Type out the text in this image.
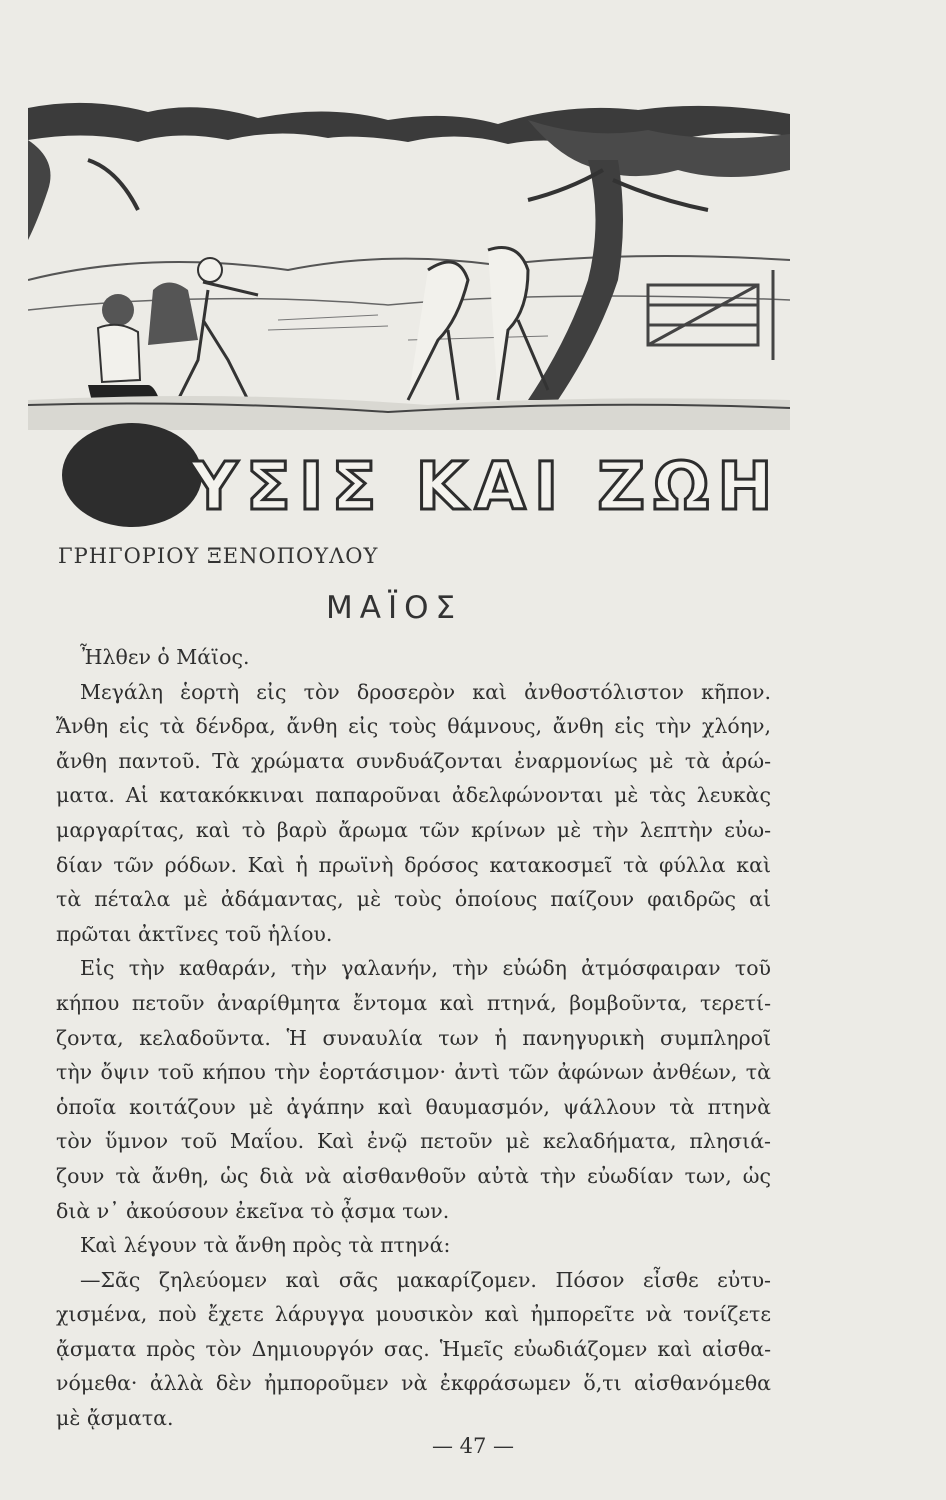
ΥΣΙΣ ΚΑΙ ΖΩΗ
ΓΡΗΓΟΡΙΟΥ ΞΕΝΟΠΟΥΛΟΥ
ΜΑΪΟΣ
Ἦλθεν ὁ Μάϊος.
Μεγάλη ἑορτὴ εἰς τὸν δροσερὸν καὶ ἀνθοστόλιστον κῆπον.
Ἄνθη εἰς τὰ δένδρα, ἄνθη εἰς τοὺς θάμνους, ἄνθη εἰς τὴν χλόην,
ἄνθη παντοῦ. Τὰ χρώματα συνδυάζονται ἐναρμονίως μὲ τὰ ἀρώ-
ματα. Αἱ κατακόκκιναι παπαροῦναι ἀδελφώνονται μὲ τὰς λευκὰς
μαργαρίτας, καὶ τὸ βαρὺ ἄρωμα τῶν κρίνων μὲ τὴν λεπτὴν εὐω-
δίαν τῶν ρόδων. Καὶ ἡ πρωϊνὴ δρόσος κατακοσμεῖ τὰ φύλλα καὶ
τὰ πέταλα μὲ ἀδάμαντας, μὲ τοὺς ὁποίους παίζουν φαιδρῶς αἱ
πρῶται ἀκτῖνες τοῦ ἡλίου.
Εἰς τὴν καθαράν, τὴν γαλανήν, τὴν εὐώδη ἀτμόσφαιραν τοῦ
κήπου πετοῦν ἀναρίθμητα ἔντομα καὶ πτηνά, βομβοῦντα, τερετί-
ζοντα, κελαδοῦντα. Ἡ συναυλία των ἡ πανηγυρικὴ συμπληροῖ
τὴν ὄψιν τοῦ κήπου τὴν ἑορτάσιμον· ἀντὶ τῶν ἀφώνων ἀνθέων, τὰ
ὁποῖα κοιτάζουν μὲ ἀγάπην καὶ θαυμασμόν, ψάλλουν τὰ πτηνὰ
τὸν ὕμνον τοῦ Μαΐου. Καὶ ἐνῷ πετοῦν μὲ κελαδήματα, πλησιά-
ζουν τὰ ἄνθη, ὡς διὰ νὰ αἰσθανθοῦν αὐτὰ τὴν εὐωδίαν των, ὡς
διὰ ν᾽ ἀκούσουν ἐκεῖνα τὸ ᾆσμα των.
Καὶ λέγουν τὰ ἄνθη πρὸς τὰ πτηνά:
—Σᾶς ζηλεύομεν καὶ σᾶς μακαρίζομεν. Πόσον εἶσθε εὐτυ-
χισμένα, ποὺ ἔχετε λάρυγγα μουσικὸν καὶ ἠμπορεῖτε νὰ τονίζετε
ᾄσματα πρὸς τὸν Δημιουργόν σας. Ἡμεῖς εὐωδιάζομεν καὶ αἰσθα-
νόμεθα· ἀλλὰ δὲν ἠμποροῦμεν νὰ ἐκφράσωμεν ὅ,τι αἰσθανόμεθα
μὲ ᾄσματα.
— 47 —
